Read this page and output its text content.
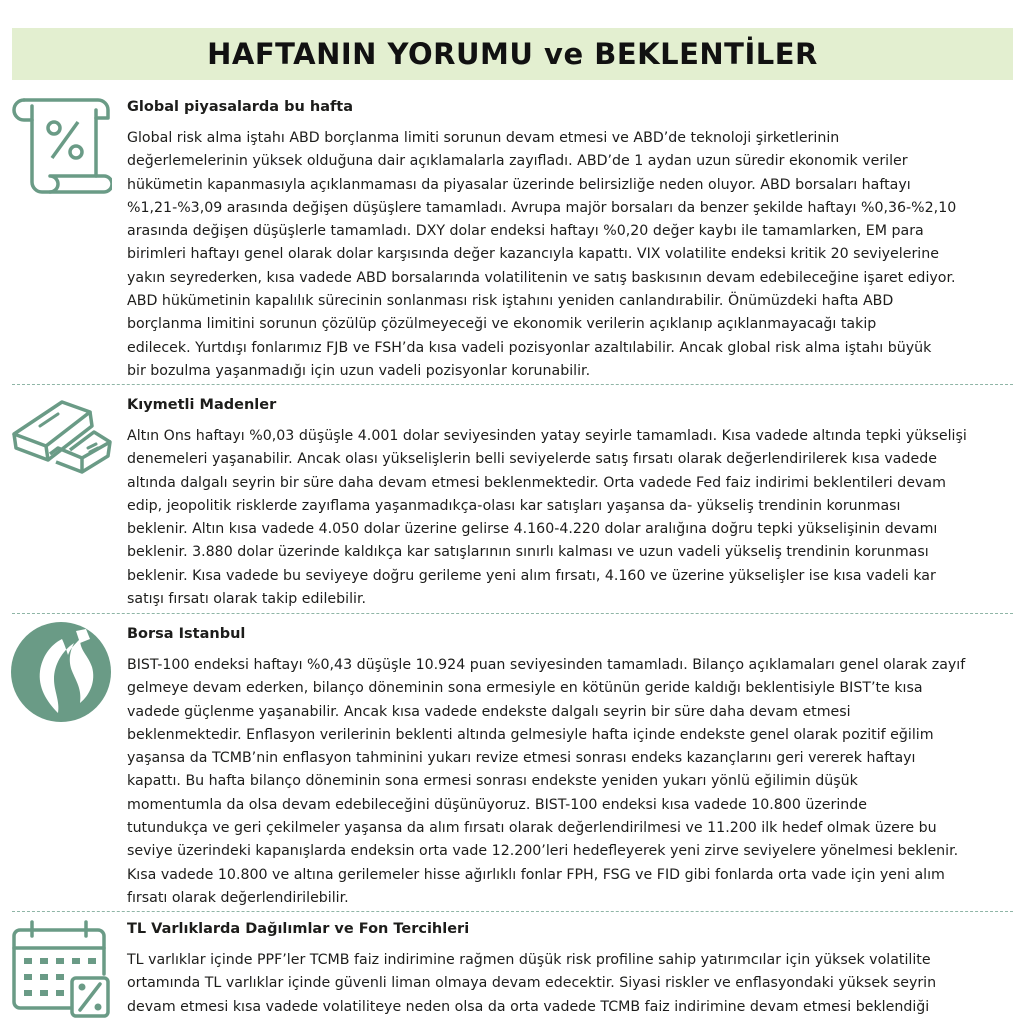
HAFTANIN YORUMU ve BEKLENTİLER
Global piyasalarda bu hafta
Global risk alma iştahı ABD borçlanma limiti sorunun devam etmesi ve ABD’de teknoloji şirketlerinin
değerlemelerinin yüksek olduğuna dair açıklamalarla zayıfladı. ABD’de 1 aydan uzun süredir ekonomik veriler
hükümetin kapanmasıyla açıklanmaması da piyasalar üzerinde belirsizliğe neden oluyor. ABD borsaları haftayı
%1,21-%3,09 arasında değişen düşüşlere tamamladı. Avrupa majör borsaları da benzer şekilde haftayı %0,36-%2,10
arasında değişen düşüşlerle tamamladı. DXY dolar endeksi haftayı %0,20 değer kaybı ile tamamlarken, EM para
birimleri haftayı genel olarak dolar karşısında değer kazancıyla kapattı. VIX volatilite endeksi kritik 20 seviyelerine
yakın seyrederken, kısa vadede ABD borsalarında volatilitenin ve satış baskısının devam edebileceğine işaret ediyor.
ABD hükümetinin kapalılık sürecinin sonlanması risk iştahını yeniden canlandırabilir. Önümüzdeki hafta ABD
borçlanma limitini sorunun çözülüp çözülmeyeceği ve ekonomik verilerin açıklanıp açıklanmayacağı takip
edilecek. Yurtdışı fonlarımız FJB ve FSH’da kısa vadeli pozisyonlar azaltılabilir. Ancak global risk alma iştahı büyük
bir bozulma yaşanmadığı için uzun vadeli pozisyonlar korunabilir.
Kıymetli Madenler
Altın Ons haftayı %0,03 düşüşle 4.001 dolar seviyesinden yatay seyirle tamamladı. Kısa vadede altında tepki yükselişi
denemeleri yaşanabilir. Ancak olası yükselişlerin belli seviyelerde satış fırsatı olarak değerlendirilerek kısa vadede
altında dalgalı seyrin bir süre daha devam etmesi beklenmektedir. Orta vadede Fed faiz indirimi beklentileri devam
edip, jeopolitik risklerde zayıflama yaşanmadıkça-olası kar satışları yaşansa da- yükseliş trendinin korunması
beklenir. Altın kısa vadede 4.050 dolar üzerine gelirse 4.160-4.220 dolar aralığına doğru tepki yükselişinin devamı
beklenir. 3.880 dolar üzerinde kaldıkça kar satışlarının sınırlı kalması ve uzun vadeli yükseliş trendinin korunması
beklenir. Kısa vadede bu seviyeye doğru gerileme yeni alım fırsatı, 4.160 ve üzerine yükselişler ise kısa vadeli kar
satışı fırsatı olarak takip edilebilir.
Borsa Istanbul
BIST-100 endeksi haftayı %0,43 düşüşle 10.924 puan seviyesinden tamamladı. Bilanço açıklamaları genel olarak zayıf
gelmeye devam ederken, bilanço döneminin sona ermesiyle en kötünün geride kaldığı beklentisiyle BIST’te kısa
vadede güçlenme yaşanabilir. Ancak kısa vadede endekste dalgalı seyrin bir süre daha devam etmesi
beklenmektedir. Enflasyon verilerinin beklenti altında gelmesiyle hafta içinde endekste genel olarak pozitif eğilim
yaşansa da TCMB’nin enflasyon tahminini yukarı revize etmesi sonrası endeks kazançlarını geri vererek haftayı
kapattı. Bu hafta bilanço döneminin sona ermesi sonrası endekste yeniden yukarı yönlü eğilimin düşük
momentumla da olsa devam edebileceğini düşünüyoruz. BIST-100 endeksi kısa vadede 10.800 üzerinde
tutundukça ve geri çekilmeler yaşansa da alım fırsatı olarak değerlendirilmesi ve 11.200 ilk hedef olmak üzere bu
seviye üzerindeki kapanışlarda endeksin orta vade 12.200’leri hedefleyerek yeni zirve seviyelere yönelmesi beklenir.
Kısa vadede 10.800 ve altına gerilemeler hisse ağırlıklı fonlar FPH, FSG ve FID gibi fonlarda orta vade için yeni alım
fırsatı olarak değerlendirilebilir.
TL Varlıklarda Dağılımlar ve Fon Tercihleri
TL varlıklar içinde PPF’ler TCMB faiz indirimine rağmen düşük risk profiline sahip yatırımcılar için yüksek volatilite
ortamında TL varlıklar içinde güvenli liman olmaya devam edecektir. Siyasi riskler ve enflasyondaki yüksek seyrin
devam etmesi kısa vadede volatiliteye neden olsa da orta vadede TCMB faiz indirimine devam etmesi beklendiği
